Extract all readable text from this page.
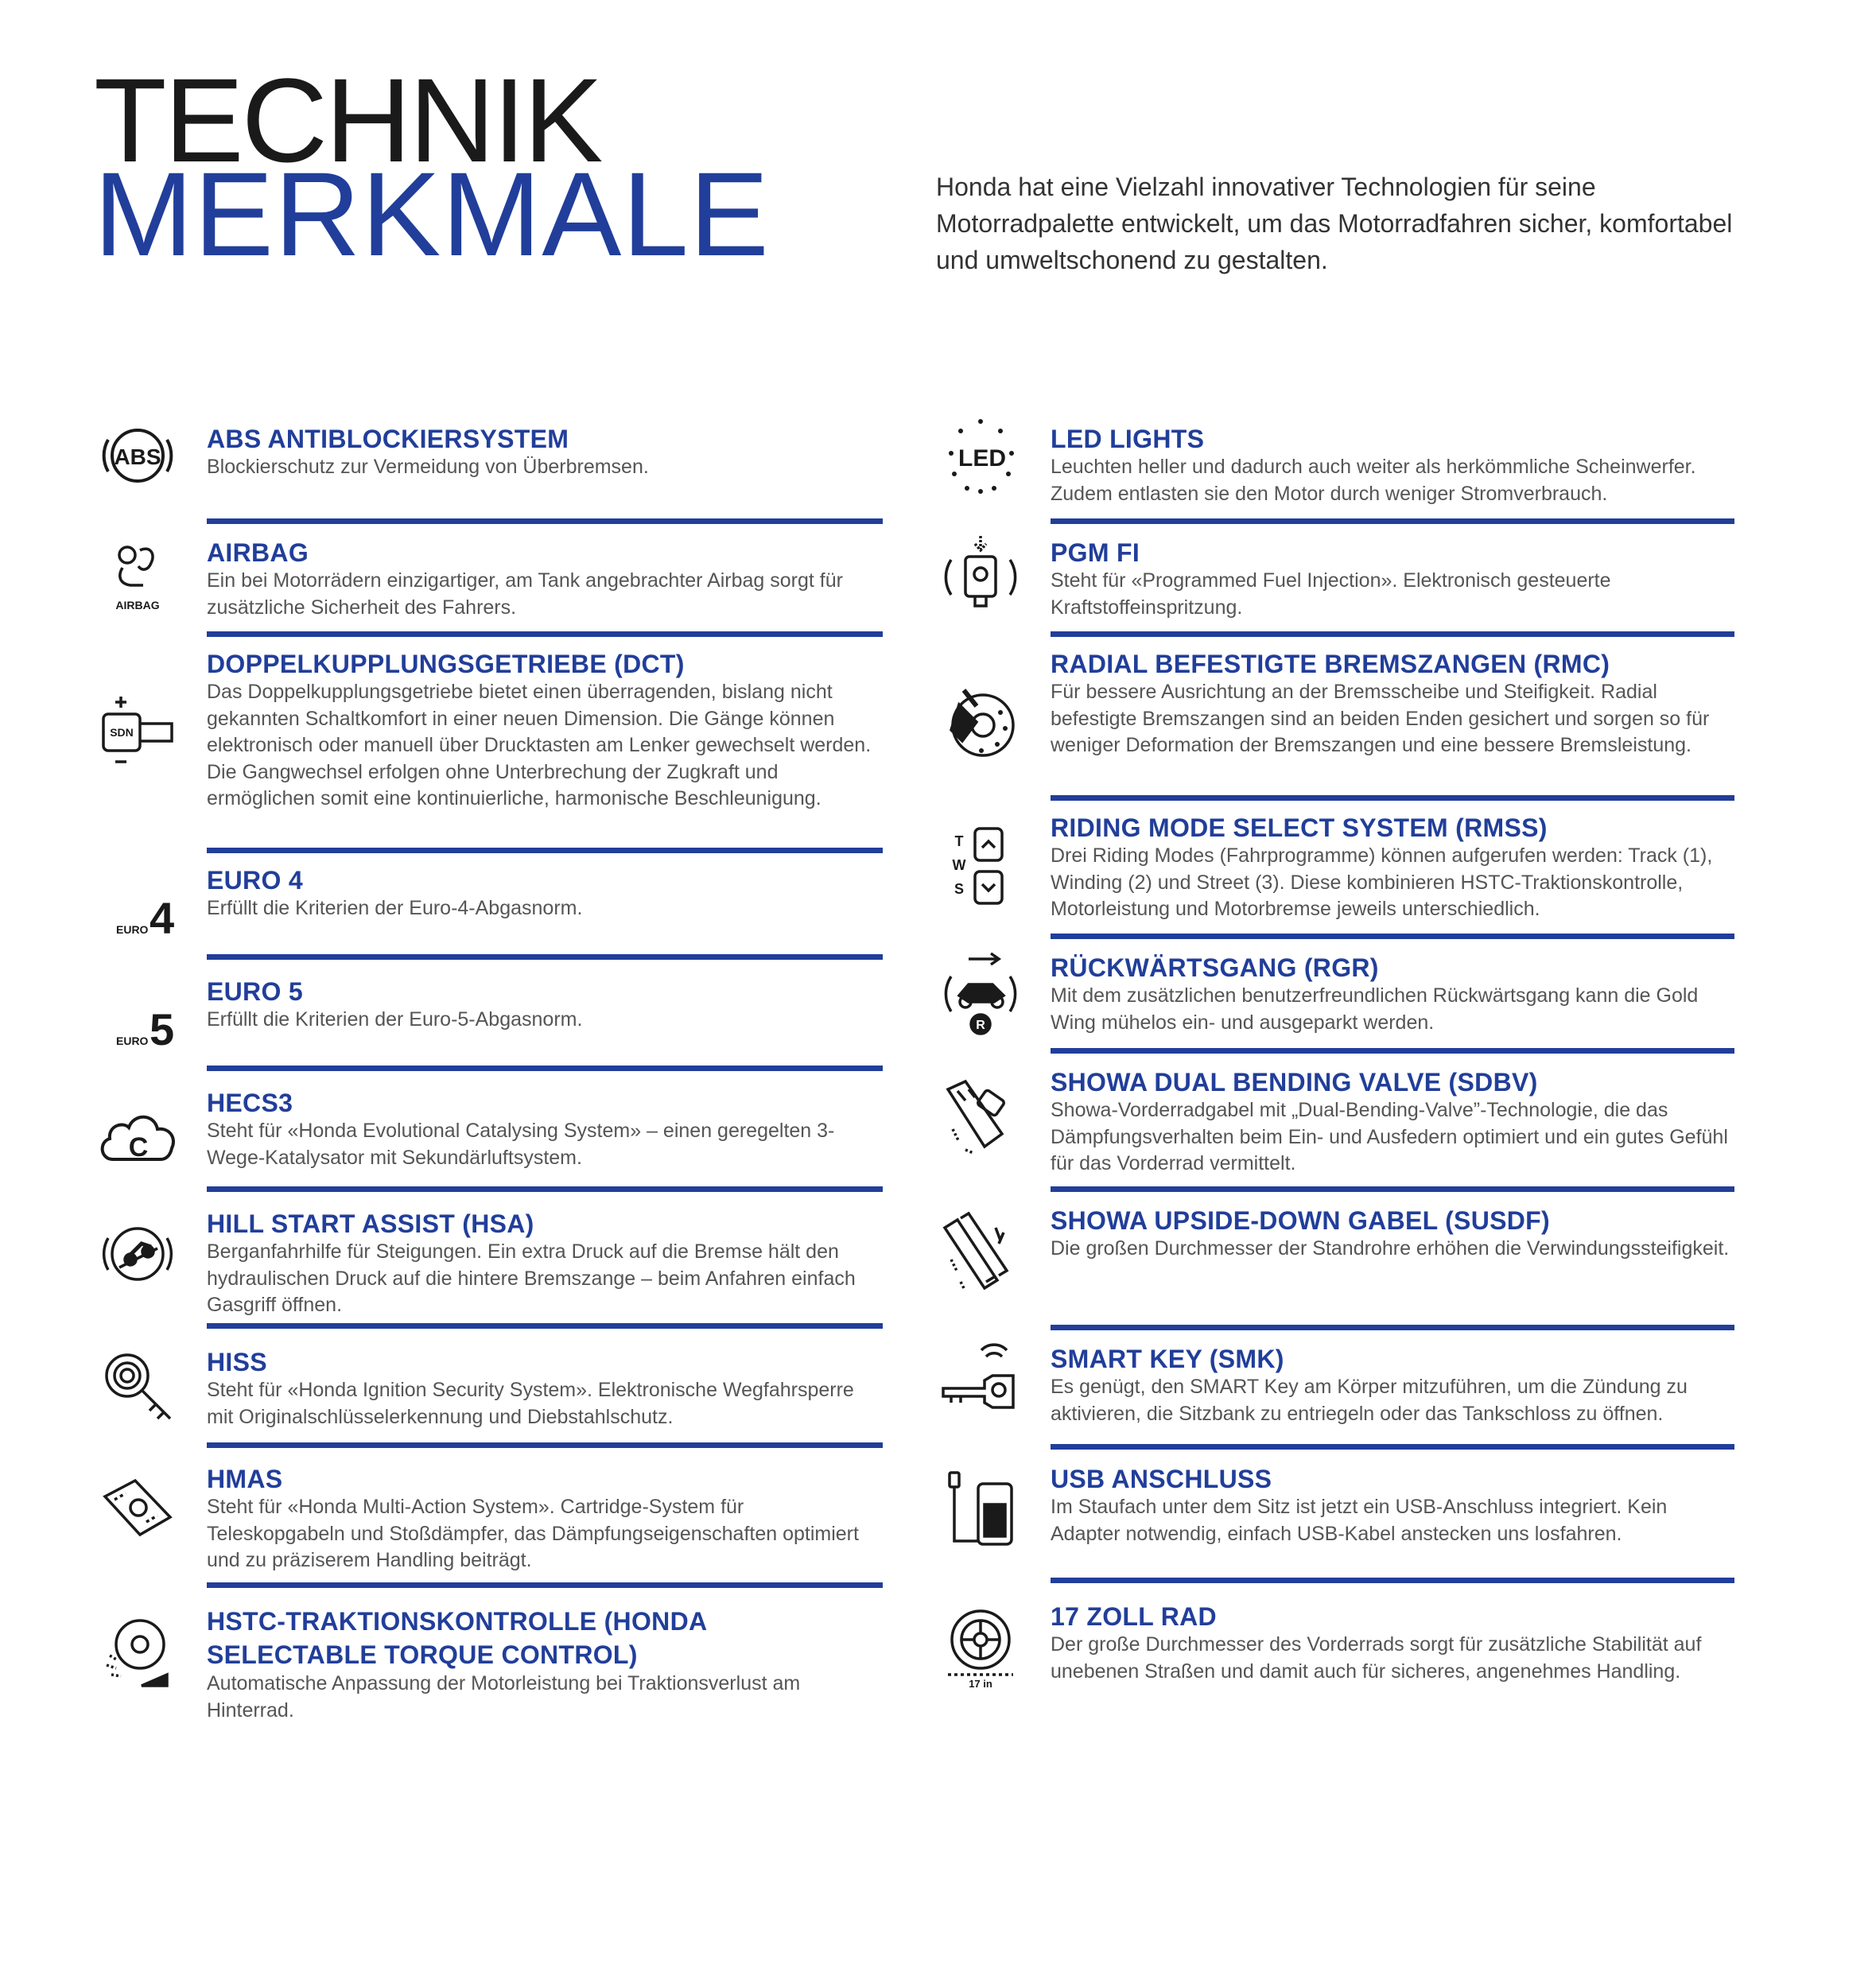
TECHNIK
MERKMALE	Honda hat eine Vielzahl innovativer Technologien für seine Motorradpalette entwickelt, um das Motorradfahren sicher, komfortabel und umweltschonend zu gestalten.

ABS
ABS ANTIBLOCKIERSYSTEM

Blockierschutz zur Vermeidung von Überbremsen.

AIRBAG
AIRBAG

Ein bei Motorrädern einzigartiger, am Tank angebrachter Airbag sorgt für zusätzliche Sicherheit des Fahrers.

SDN
DOPPELKUPPLUNGSGETRIEBE (DCT)

Das Doppelkupplungsgetriebe bietet einen überragenden, bislang nicht gekannten Schaltkomfort in einer neuen Dimension. Die Gänge können elektronisch oder manuell über Drucktasten am Lenker gewechselt werden. Die Gangwechsel erfolgen ohne Unterbrechung der Zugkraft und ermöglichen somit eine kontinuierliche, harmonische Beschleunigung.

EURO 4
EURO 4

Erfüllt die Kriterien der Euro-4-Abgasnorm.

EURO 5
EURO 5

Erfüllt die Kriterien der Euro-5-Abgasnorm.

C
HECS3

Steht für «Honda Evolutional Catalysing System» – einen geregelten 3-Wege-Katalysator mit Sekundärluftsystem.

HILL START ASSIST (HSA)

Berganfahrhilfe für Steigungen. Ein extra Druck auf die Bremse hält den hydraulischen Druck auf die hintere Bremszange – beim Anfahren einfach Gasgriff öffnen.

HISS

Steht für «Honda Ignition Security System». Elektronische Wegfahrsperre mit Originalschlüsselerkennung und Diebstahlschutz.

HMAS

Steht für «Honda Multi-Action System». Cartridge-System für Teleskopgabeln und Stoßdämpfer, das Dämpfungseigenschaften optimiert und zu präziserem Handling beiträgt.

HSTC-TRAKTIONSKONTROLLE (HONDA SELECTABLE TORQUE CONTROL)

Automatische Anpassung der Motorleistung bei Traktionsverlust am Hinterrad.

LED
LED LIGHTS

Leuchten heller und dadurch auch weiter als herkömmliche Scheinwerfer. Zudem entlasten sie den Motor durch weniger Stromverbrauch.

PGM FI

Steht für «Programmed Fuel Injection». Elektronisch gesteuerte Kraftstoffeinspritzung.

RADIAL BEFESTIGTE BREMSZANGEN (RMC)

Für bessere Ausrichtung an der Bremsscheibe und Steifigkeit. Radial befestigte Bremszangen sind an beiden Enden gesichert und sorgen so für weniger Deformation der Bremszangen und eine bessere Bremsleistung.

T
W
S
RIDING MODE SELECT SYSTEM (RMSS)

Drei Riding Modes (Fahrprogramme) können aufgerufen werden: Track (1), Winding (2) und Street (3). Diese kombinieren HSTC-Traktionskontrolle, Motorleistung und Motorbremse jeweils unterschiedlich.

R
RÜCKWÄRTSGANG (RGR)

Mit dem zusätzlichen benutzerfreundlichen Rückwärtsgang kann die Gold Wing mühelos ein- und ausgeparkt werden.

SHOWA DUAL BENDING VALVE (SDBV)

Showa-Vorderradgabel mit „Dual-Bending-Valve”-Technologie, die das Dämpfungsverhalten beim Ein- und Ausfedern optimiert und ein gutes Gefühl für das Vorderrad vermittelt.

SHOWA UPSIDE-DOWN GABEL (SUSDF)

Die großen Durchmesser der Standrohre erhöhen die Verwindungssteifigkeit.

SMART KEY (SMK)

Es genügt, den SMART Key am Körper mitzuführen, um die Zündung zu aktivieren, die Sitzbank zu entriegeln oder das Tankschloss zu öffnen.

USB ANSCHLUSS

Im Staufach unter dem Sitz ist jetzt ein USB-Anschluss integriert. Kein Adapter notwendig, einfach USB-Kabel anstecken uns losfahren.

17 in
17 ZOLL RAD

Der große Durchmesser des Vorderrads sorgt für zusätzliche Stabilität auf unebenen Straßen und damit auch für sicheres, angenehmes Handling.
